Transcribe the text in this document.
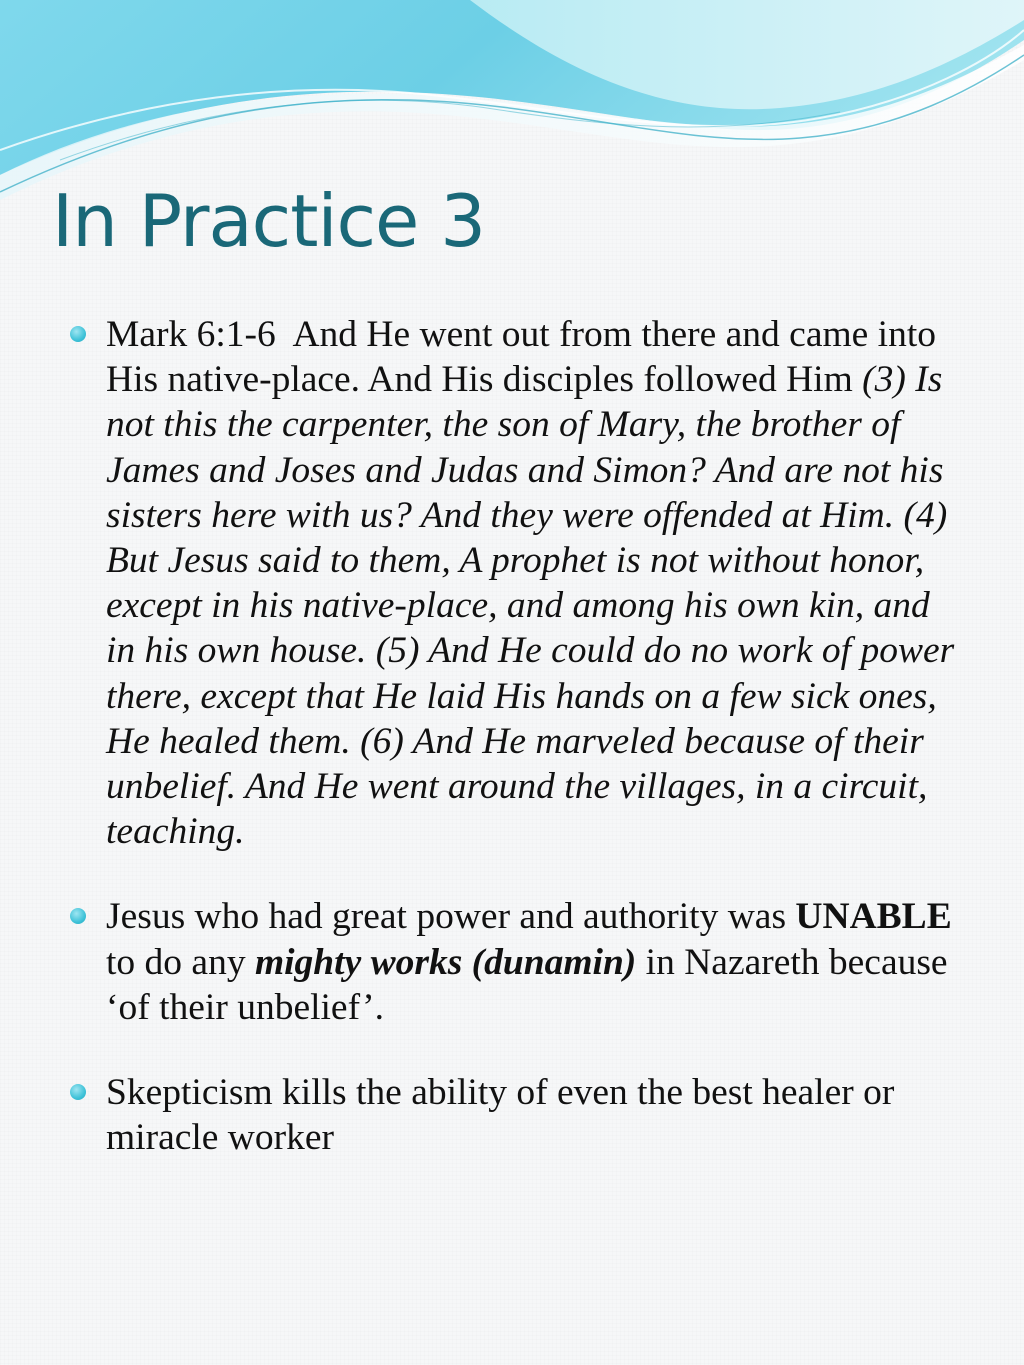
In Practice 3
Mark 6:1-6 And He went out from there and came into His native-place. And His disciples followed Him (3) Is not this the carpenter, the son of Mary, the brother of James and Joses and Judas and Simon? And are not his sisters here with us? And they were offended at Him. (4) But Jesus said to them, A prophet is not without honor, except in his native-place, and among his own kin, and in his own house. (5) And He could do no work of power there, except that He laid His hands on a few sick ones, He healed them. (6) And He marveled because of their unbelief. And He went around the villages, in a circuit, teaching.
Jesus who had great power and authority was UNABLE to do any mighty works (dunamin) in Nazareth because ‘of their unbelief’.
Skepticism kills the ability of even the best healer or miracle worker
